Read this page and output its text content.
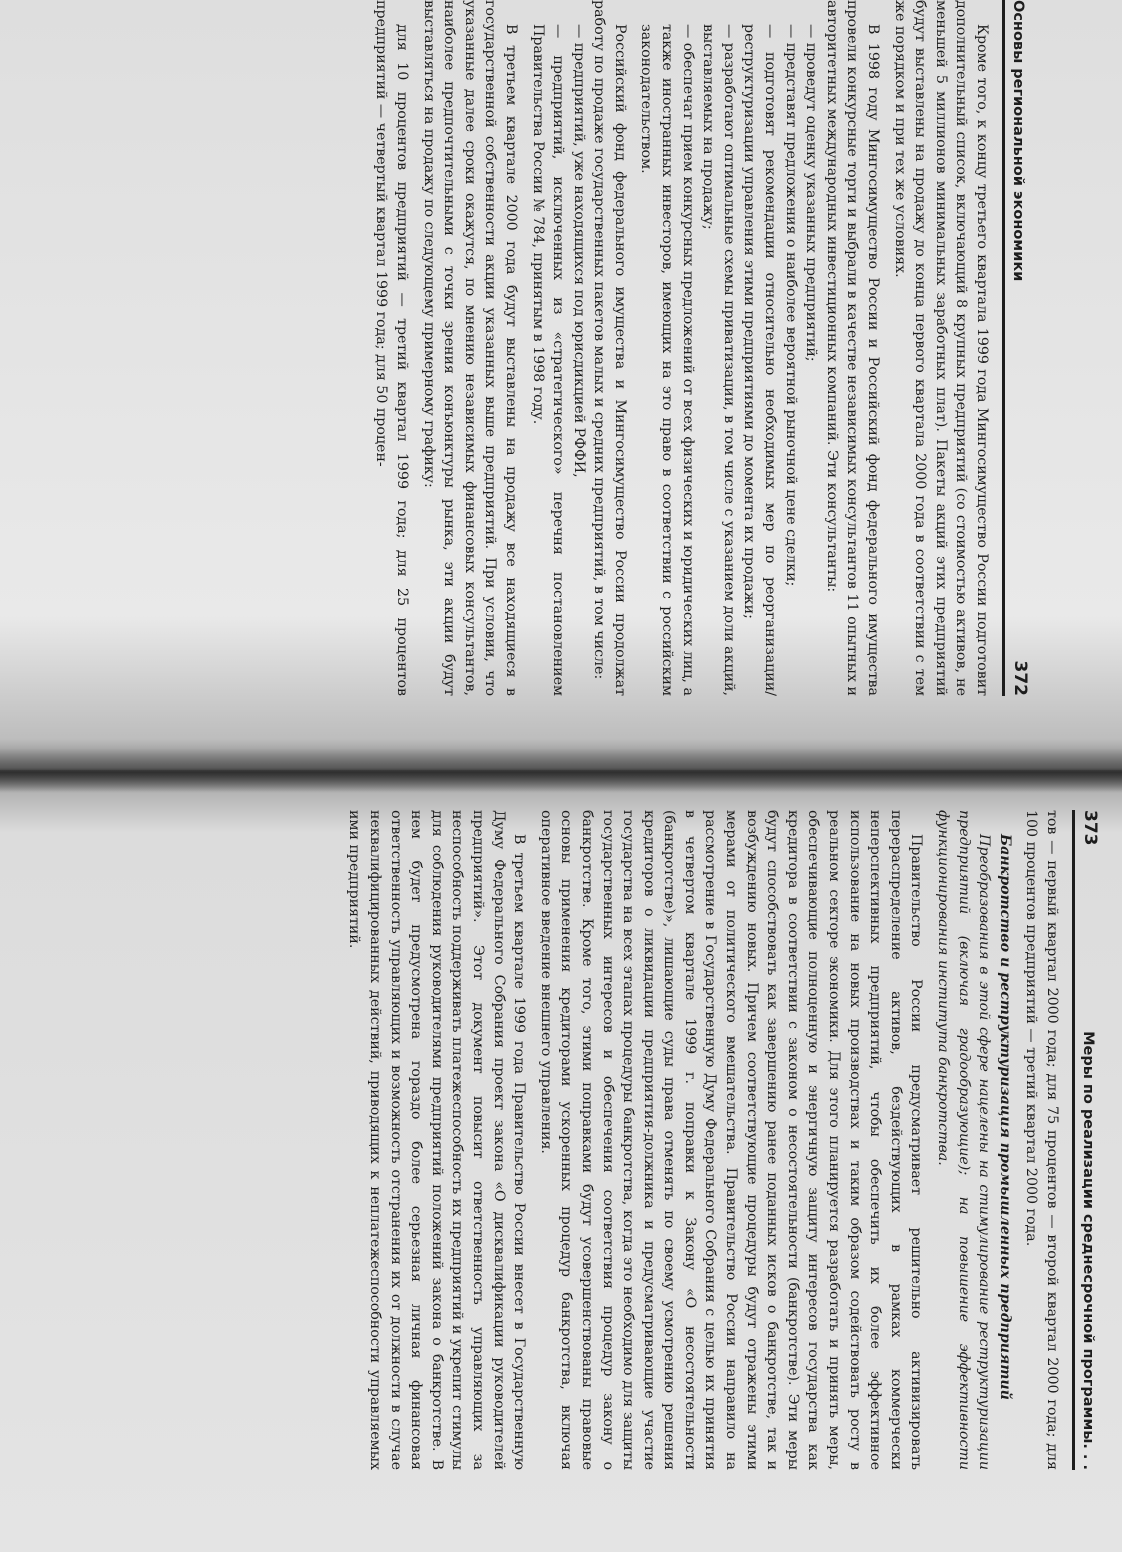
Основы региональной экономики
372

Кроме того, к концу третьего квартала 1999 года Мингосимущество России подготовит дополнительный список, включающий 8 крупных предприятий (со стоимостью активов, не меньшей 5 миллионов минимальных заработных плат). Пакеты акций этих предприятий будут выставлены на продажу до конца первого квартала 2000 года в соответствии с тем же порядком и при тех же условиях.

В 1998 году Мингосимущество России и Российский фонд федерального имущества провели конкурсные торги и выбрали в качестве независимых консультантов 11 опытных и авторитетных международных инвестиционных компаний. Эти консультанты:

— проведут оценку указанных предприятий;

— представят предложения о наиболее вероятной рыночной цене сделки;

— подготовят рекомендации относительно необходимых мер по реорганизации/реструктуризации управления этими предприятиями до момента их продажи;

— разработают оптимальные схемы приватизации, в том числе с указанием доли акций, выставляемых на продажу;

— обеспечат прием конкурсных предложений от всех физических и юридических лиц, а также иностранных инвесторов, имеющих на это право в соответствии с российским законодательством.

Российский фонд федерального имущества и Мингосимущество России продолжат работу по продаже государственных пакетов малых и средних предприятий, в том числе:

— предприятий, уже находящихся под юрисдикцией РФФИ,

— предприятий, исключенных из «стратегического» перечня постановлением Правительства России № 784, принятым в 1998 году.

В третьем квартале 2000 года будут выставлены на продажу все находящиеся в государственной собственности акции указанных выше предприятий. При условии, что указанные далее сроки окажутся, по мнению независимых финансовых консультантов, наиболее предпочтительными с точки зрения конъюнктуры рынка, эти акции будут выставляться на продажу по следующему примерному графику:

для 10 процентов предприятий — третий квартал 1999 года; для 25 процентов предприятий — четвертый квартал 1999 года; для 50 процен-

373
Меры по реализации среднесрочной программы. . .

тов — первый квартал 2000 года; для 75 процентов — второй квартал 2000 года; для 100 процентов предприятий — третий квартал 2000 года.

Банкротство и реструктуризация промышленных предприятий

Преобразования в этой сфере нацелены на стимулирование реструктуризации предприятий (включая градообразующие); на повышение эффективности функционирования института банкротства.

Правительство России предусматривает решительно активизировать перераспределение активов, бездействующих в рамках коммерчески неперспективных предприятий, чтобы обеспечить их более эффективное использование на новых производствах и таким образом содействовать росту в реальном секторе экономики. Для этого планируется разработать и принять меры, обеспечивающие полноценную и энергичную защиту интересов государства как кредитора в соответствии с законом о несостоятельности (банкротстве). Эти меры будут способствовать как завершению ранее поданных исков о банкротстве, так и возбуждению новых. Причем соответствующие процедуры будут отражены этими мерами от политического вмешательства. Правительство России направило на рассмотрение в Государственную Думу Федерального Собрания с целью их принятия в четвертом квартале 1999 г. поправки к Закону «О несостоятельности (банкротстве)», лишающие суды права отменять по своему усмотрению решения кредиторов о ликвидации предприятия-должника и предусматривающие участие государства на всех этапах процедуры банкротства, когда это необходимо для защиты государственных интересов и обеспечения соответствия процедур закону о банкротстве. Кроме того, этими поправками будут усовершенствованы правовые основы применения кредиторами ускоренных процедур банкротства, включая оперативное введение внешнего управления.

В третьем квартале 1999 года Правительство России внесет в Государственную Думу Федерального Собрания проект закона «О дисквалификации руководителей предприятий». Этот документ повысит ответственность управляющих за неспособность поддерживать платежеспособность их предприятий и укрепит стимулы для соблюдения руководителями предприятий положений закона о банкротстве. В нем будет предусмотрена гораздо более серьезная личная финансовая ответственность управляющих и возможность отстранения их от должности в случае неквалифицированных действий, приводящих к неплатежеспособности управляемых ими предприятий.
